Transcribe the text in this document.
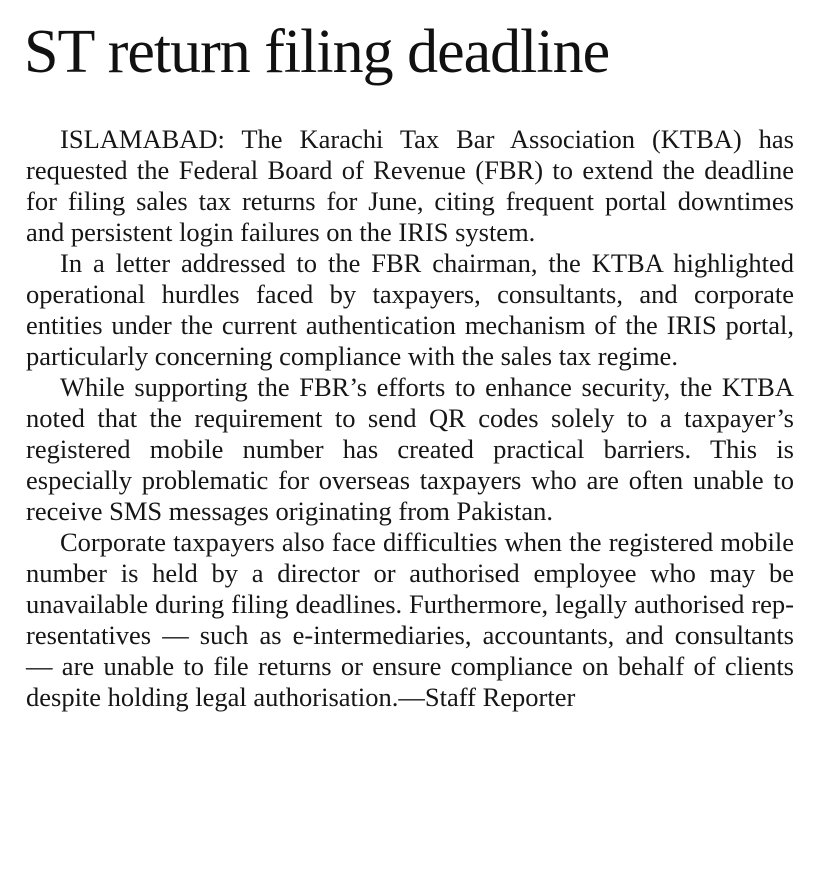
ST return filing deadline

ISLAMABAD: The Karachi Tax Bar Association (KTBA) has requested the Federal Board of Revenue (FBR) to extend the deadline for filing sales tax returns for June, citing frequent portal downtimes and persistent login failures on the IRIS system.

In a letter addressed to the FBR chairman, the KTBA highlighted operational hurdles faced by taxpayers, consultants, and corporate entities under the current authentication mechanism of the IRIS portal, particularly concerning compliance with the sales tax regime.

While supporting the FBR’s efforts to enhance security, the KTBA noted that the requirement to send QR codes solely to a taxpayer’s registered mobile number has created practical barriers. This is especially problematic for overseas taxpayers who are often unable to receive SMS messages originating from Pakistan.

Corporate taxpayers also face difficulties when the registered mobile number is held by a director or authorised employee who may be unavailable during filing deadlines. Furthermore, legally authorised representatives — such as e-intermediaries, accountants, and consultants — are unable to file returns or ensure compliance on behalf of clients despite holding legal authorisation.—Staff Reporter
